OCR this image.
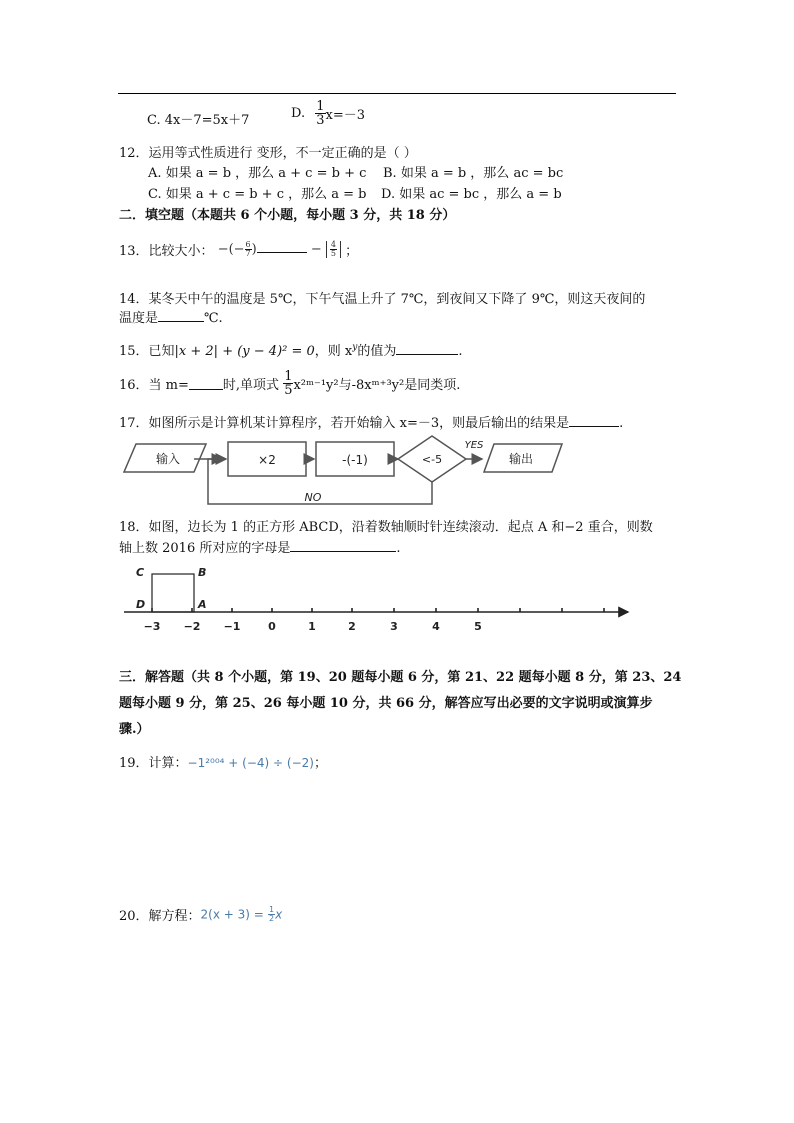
C. 4x－7=5x＋7	D. $\frac{1}{3} x=-3$
12．运用等式性质进行 变形，不一定正确的是（ ）
A. 如果 a = b ，那么 a + c = b + c B. 如果 a = b ，那么 ac = bc
C. 如果 a + c = b + c ，那么 a = b D. 如果 ac = bc ，那么 a = b
二．填空题（本题共 6 个小题，每小题 3 分，共 18 分）
13．比较大小： −(− $\frac{6}{7}$ )	− $\frac{4}{5}$ ；
14．某冬天中午的温度是 5℃，下午气温上升了 7℃，到夜间又下降了 9℃，则这天夜间的
温度是	℃.
15．已知|x + 2| + (y − 4)² = 0，则 $x^y$的值为	.
16．当 m=	时,单项式 $\frac{1}{5}$ x²ᵐ⁻¹y²与-8xᵐ⁺³y²是同类项.
17．如图所示是计算机某计算程序，若开始输入 x=－3，则最后输出的结果是	.
输入	×2	-(-1)	<-5
YES
输出
NO
18．如图，边长为 1 的正方形 ABCD，沿着数轴顺时针连续滚动．起点 A 和−2 重合，则数
轴上数 2016 所对应的字母是	.
C	B
D	A
−3 −2 −1	0	1	2	3	4	5
三．解答题（共 8 个小题，第 19、20 题每小题 6 分，第 21、22 题每小题 8 分，第 23、24
题每小题 9 分，第 25、26 每小题 10 分，共 66 分，解答应写出必要的文字说明或演算步
骤.）
19．计算：−1²⁰⁰⁴ + (−4) ÷ (−2)；
20．解方程：$2(x + 3) = \frac{1}{2}$ x
